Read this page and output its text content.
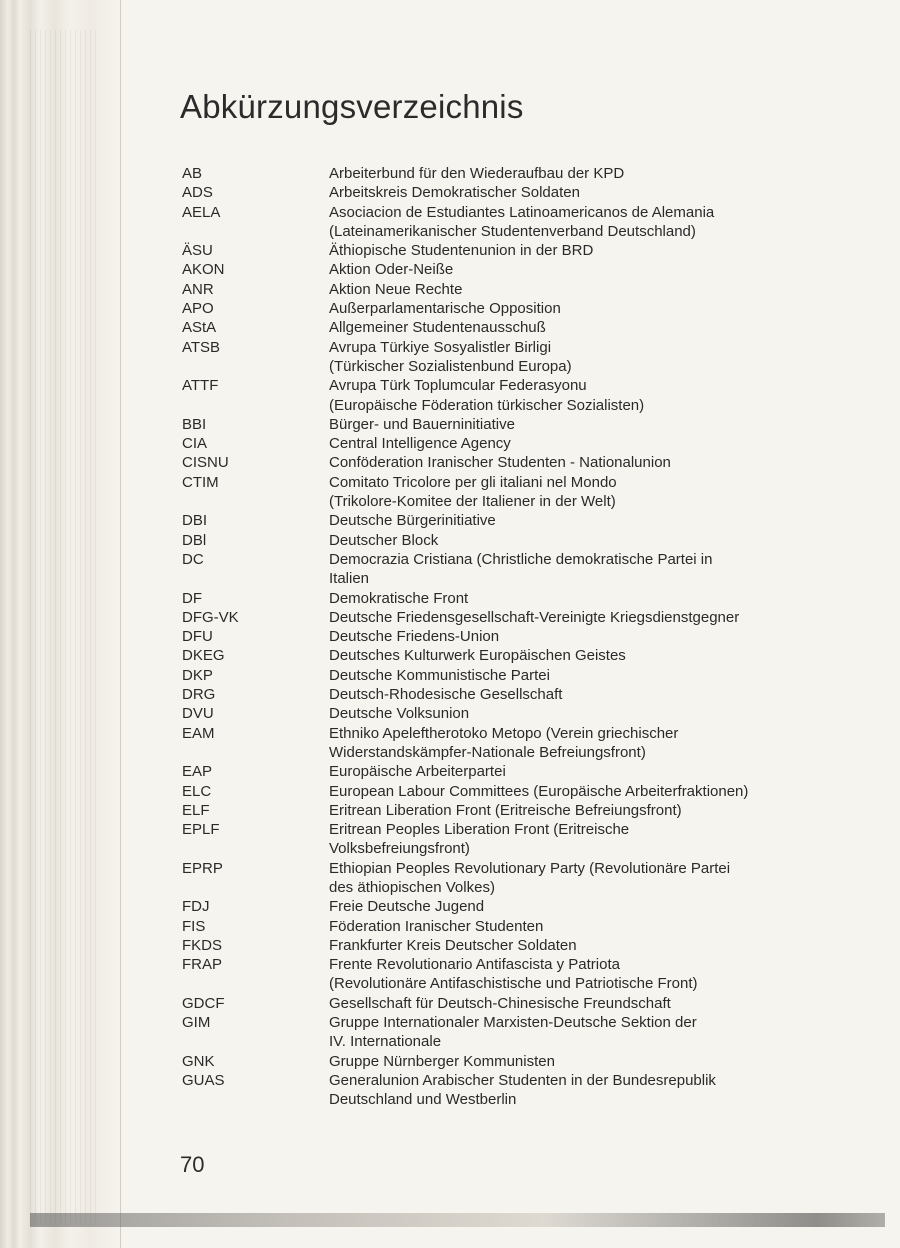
Abkürzungsverzeichnis
AB	Arbeiterbund für den Wiederaufbau der KPD
ADS	Arbeitskreis Demokratischer Soldaten
AELA	Asociacion de Estudiantes Latinoamericanos de Alemania
(Lateinamerikanischer Studentenverband Deutschland)
ÄSU	Äthiopische Studentenunion in der BRD
AKON	Aktion Oder-Neiße
ANR	Aktion Neue Rechte
APO	Außerparlamentarische Opposition
AStA	Allgemeiner Studentenausschuß
ATSB	Avrupa Türkiye Sosyalistler Birligi
(Türkischer Sozialistenbund Europa)
ATTF	Avrupa Türk Toplumcular Federasyonu
(Europäische Föderation türkischer Sozialisten)
BBI	Bürger- und Bauerninitiative
CIA	Central Intelligence Agency
CISNU	Conföderation Iranischer Studenten - Nationalunion
CTIM	Comitato Tricolore per gli italiani nel Mondo
(Trikolore-Komitee der Italiener in der Welt)
DBI	Deutsche Bürgerinitiative
DBl	Deutscher Block
DC	Democrazia Cristiana (Christliche demokratische Partei in
Italien
DF	Demokratische Front
DFG-VK	Deutsche Friedensgesellschaft-Vereinigte Kriegsdienstgegner
DFU	Deutsche Friedens-Union
DKEG	Deutsches Kulturwerk Europäischen Geistes
DKP	Deutsche Kommunistische Partei
DRG	Deutsch-Rhodesische Gesellschaft
DVU	Deutsche Volksunion
EAM	Ethniko Apeleftherotoko Metopo (Verein griechischer
Widerstandskämpfer-Nationale Befreiungsfront)
EAP	Europäische Arbeiterpartei
ELC	European Labour Committees (Europäische Arbeiterfraktionen)
ELF	Eritrean Liberation Front (Eritreische Befreiungsfront)
EPLF	Eritrean Peoples Liberation Front (Eritreische
Volksbefreiungsfront)
EPRP	Ethiopian Peoples Revolutionary Party (Revolutionäre Partei
des äthiopischen Volkes)
FDJ	Freie Deutsche Jugend
FIS	Föderation Iranischer Studenten
FKDS	Frankfurter Kreis Deutscher Soldaten
FRAP	Frente Revolutionario Antifascista y Patriota
(Revolutionäre Antifaschistische und Patriotische Front)
GDCF	Gesellschaft für Deutsch-Chinesische Freundschaft
GIM	Gruppe Internationaler Marxisten-Deutsche Sektion der
IV. Internationale
GNK	Gruppe Nürnberger Kommunisten
GUAS	Generalunion Arabischer Studenten in der Bundesrepublik
Deutschland und Westberlin
70
